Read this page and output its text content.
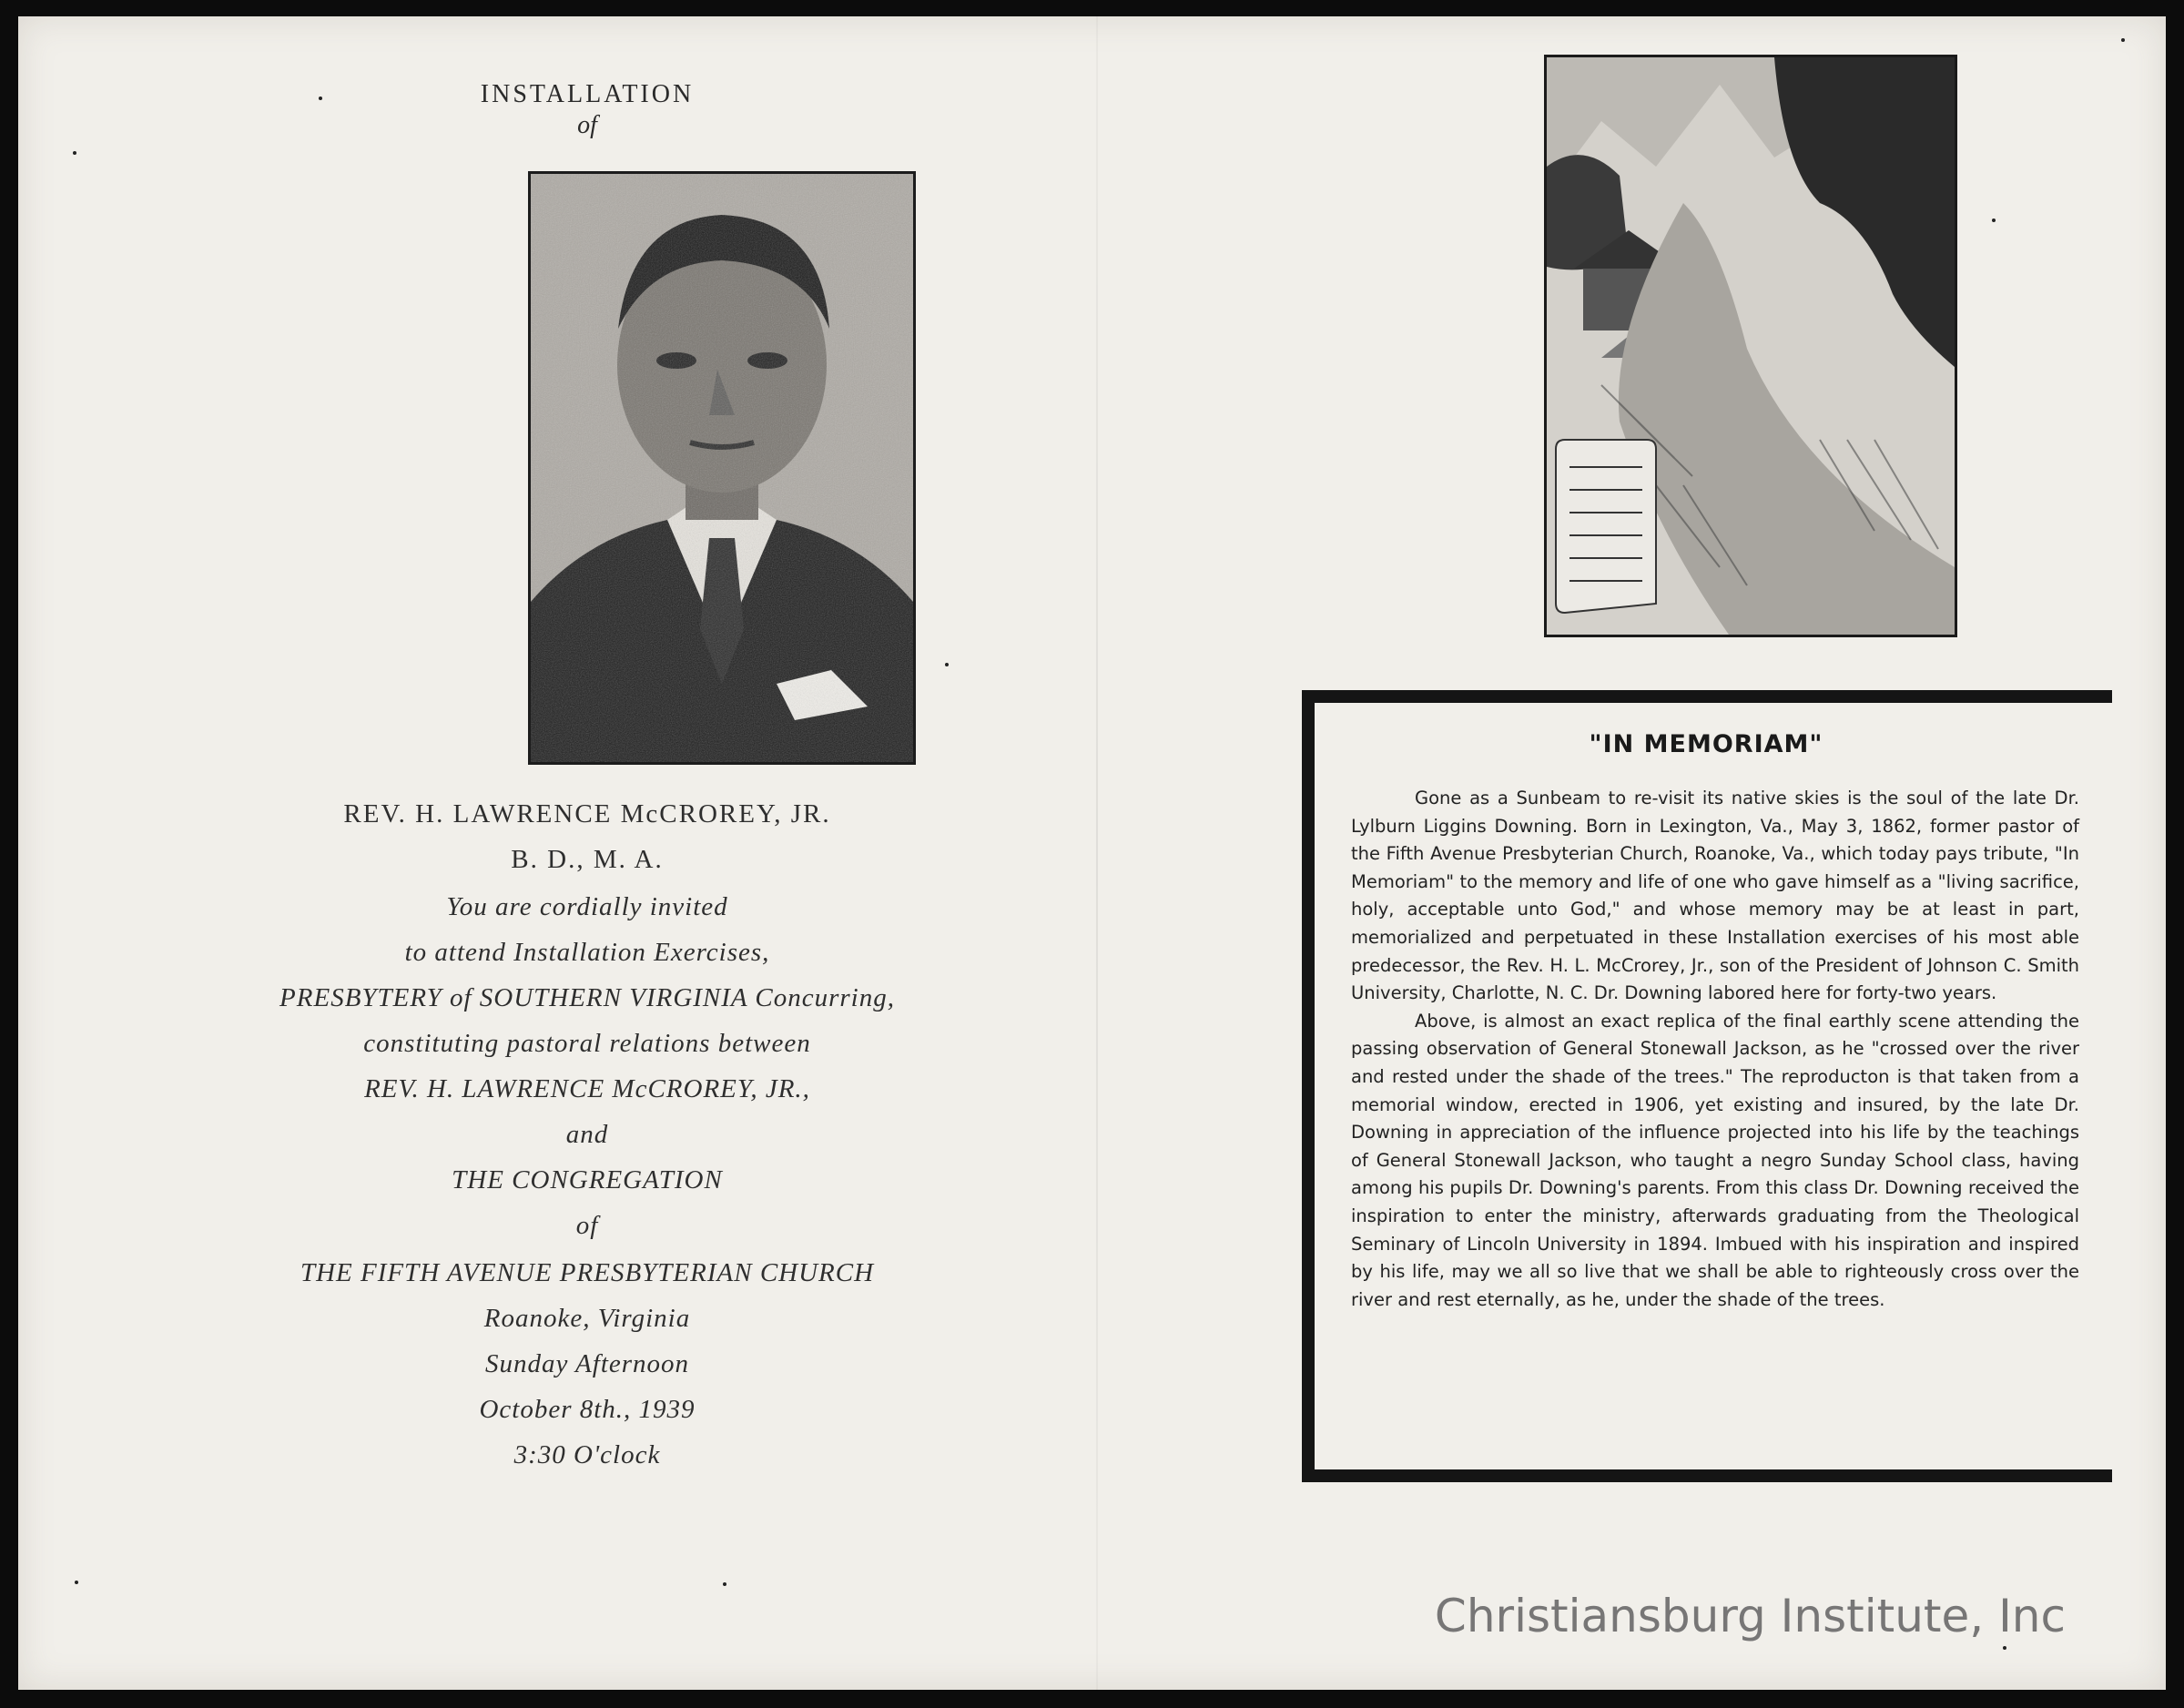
INSTALLATION
of
REV. H. LAWRENCE McCROREY, JR.
B. D., M. A.
You are cordially invited
to attend Installation Exercises,
PRESBYTERY of SOUTHERN VIRGINIA Concurring,
constituting pastoral relations between
REV. H. LAWRENCE McCROREY, JR.,
and
THE CONGREGATION
of
THE FIFTH AVENUE PRESBYTERIAN CHURCH
Roanoke, Virginia
Sunday Afternoon
October 8th., 1939
3:30 O'clock
"IN MEMORIAM"

Gone as a Sunbeam to re-visit its native skies is the soul of the late Dr. Lylburn Liggins Downing. Born in Lexington, Va., May 3, 1862, former pastor of the Fifth Avenue Presbyterian Church, Roanoke, Va., which today pays tribute, "In Memoriam" to the memory and life of one who gave himself as a "living sacrifice, holy, acceptable unto God," and whose memory may be at least in part, memorialized and perpetuated in these Installation exercises of his most able predecessor, the Rev. H. L. McCrorey, Jr., son of the President of Johnson C. Smith University, Charlotte, N. C. Dr. Downing labored here for forty-two years.

Above, is almost an exact replica of the final earthly scene attending the passing observation of General Stonewall Jackson, as he "crossed over the river and rested under the shade of the trees." The reproducton is that taken from a memorial window, erected in 1906, yet existing and insured, by the late Dr. Downing in appreciation of the influence projected into his life by the teachings of General Stonewall Jackson, who taught a negro Sunday School class, having among his pupils Dr. Downing's parents. From this class Dr. Downing received the inspiration to enter the ministry, afterwards graduating from the Theological Seminary of Lincoln University in 1894. Imbued with his inspiration and inspired by his life, may we all so live that we shall be able to righteously cross over the river and rest eternally, as he, under the shade of the trees.

Christiansburg Institute, Inc
